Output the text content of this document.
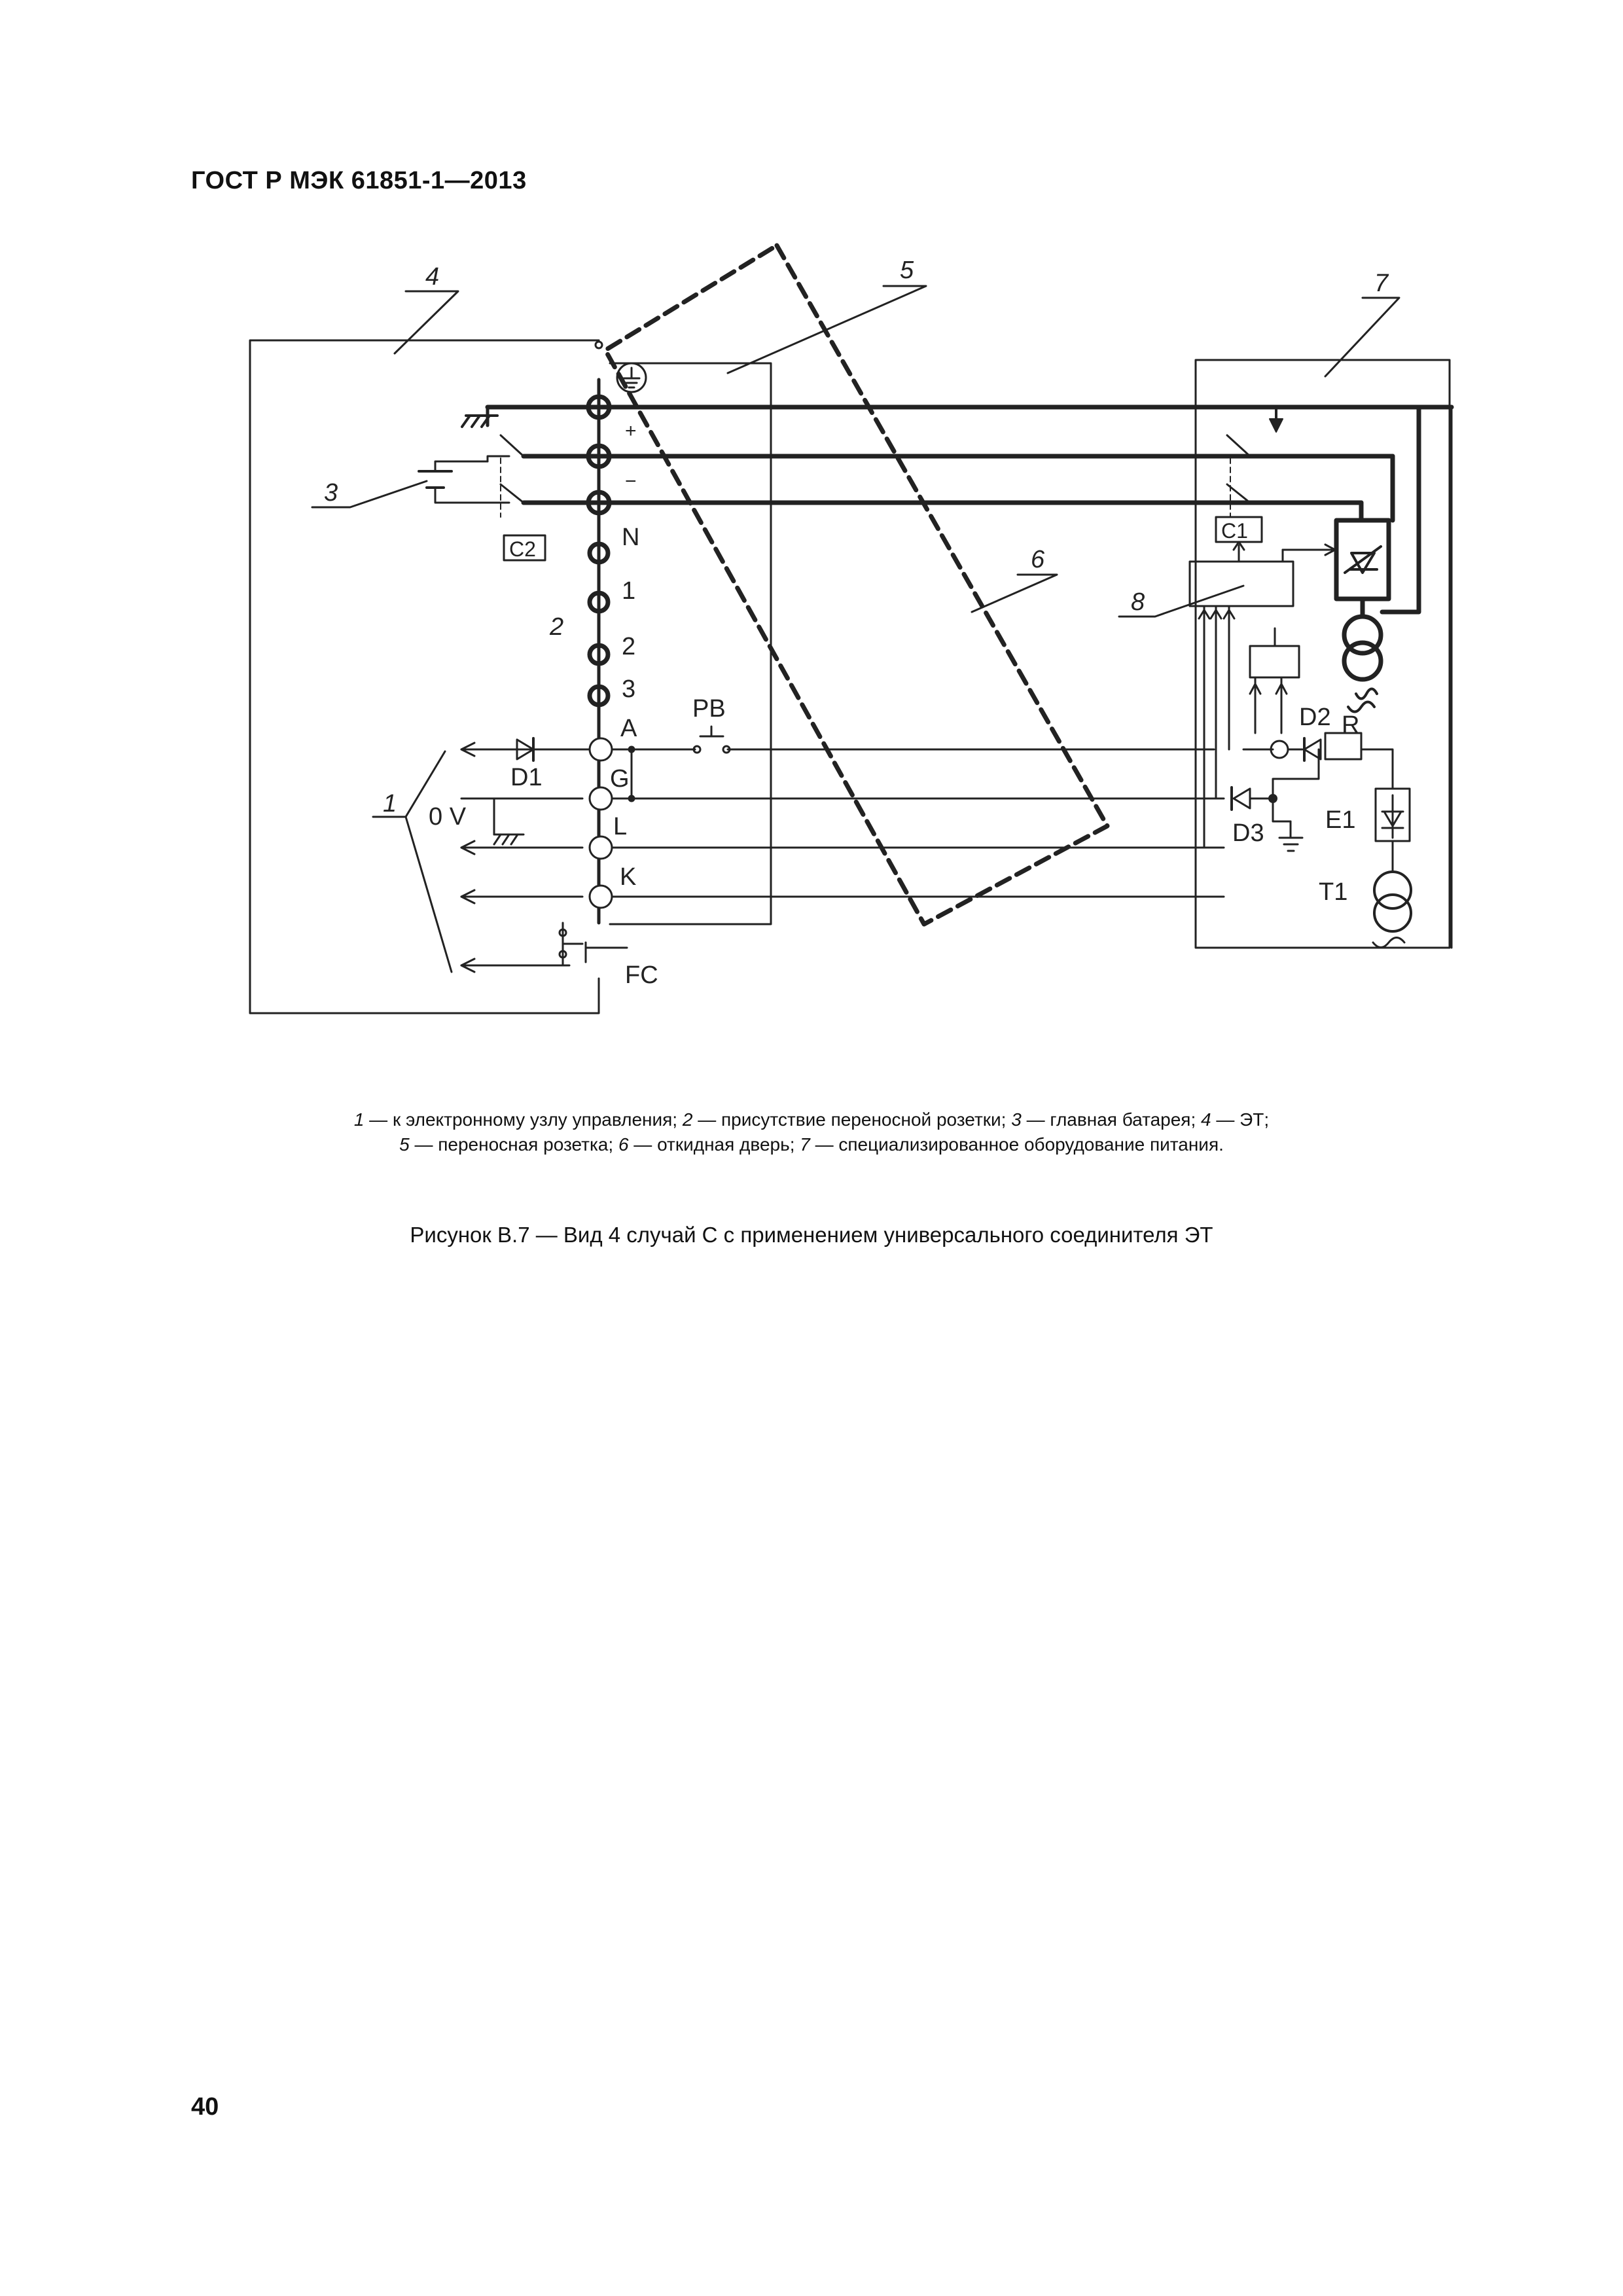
ГОСТ Р МЭК 61851-1—2013
4	5	7
6
8
3
2
1
+
−
N
1
2
3
A
G
L
K
C2
C1
PB
FC
D1
D2
D3
R
E1
T1
0 V
1 — к электронному узлу управления; 2 — присутствие переносной розетки; 3 — главная батарея; 4 — ЭТ;
5 — переносная розетка; 6 — откидная дверь; 7 — специализированное оборудование питания.
Рисунок В.7 — Вид 4 случай С с применением универсального соединителя ЭТ
40
